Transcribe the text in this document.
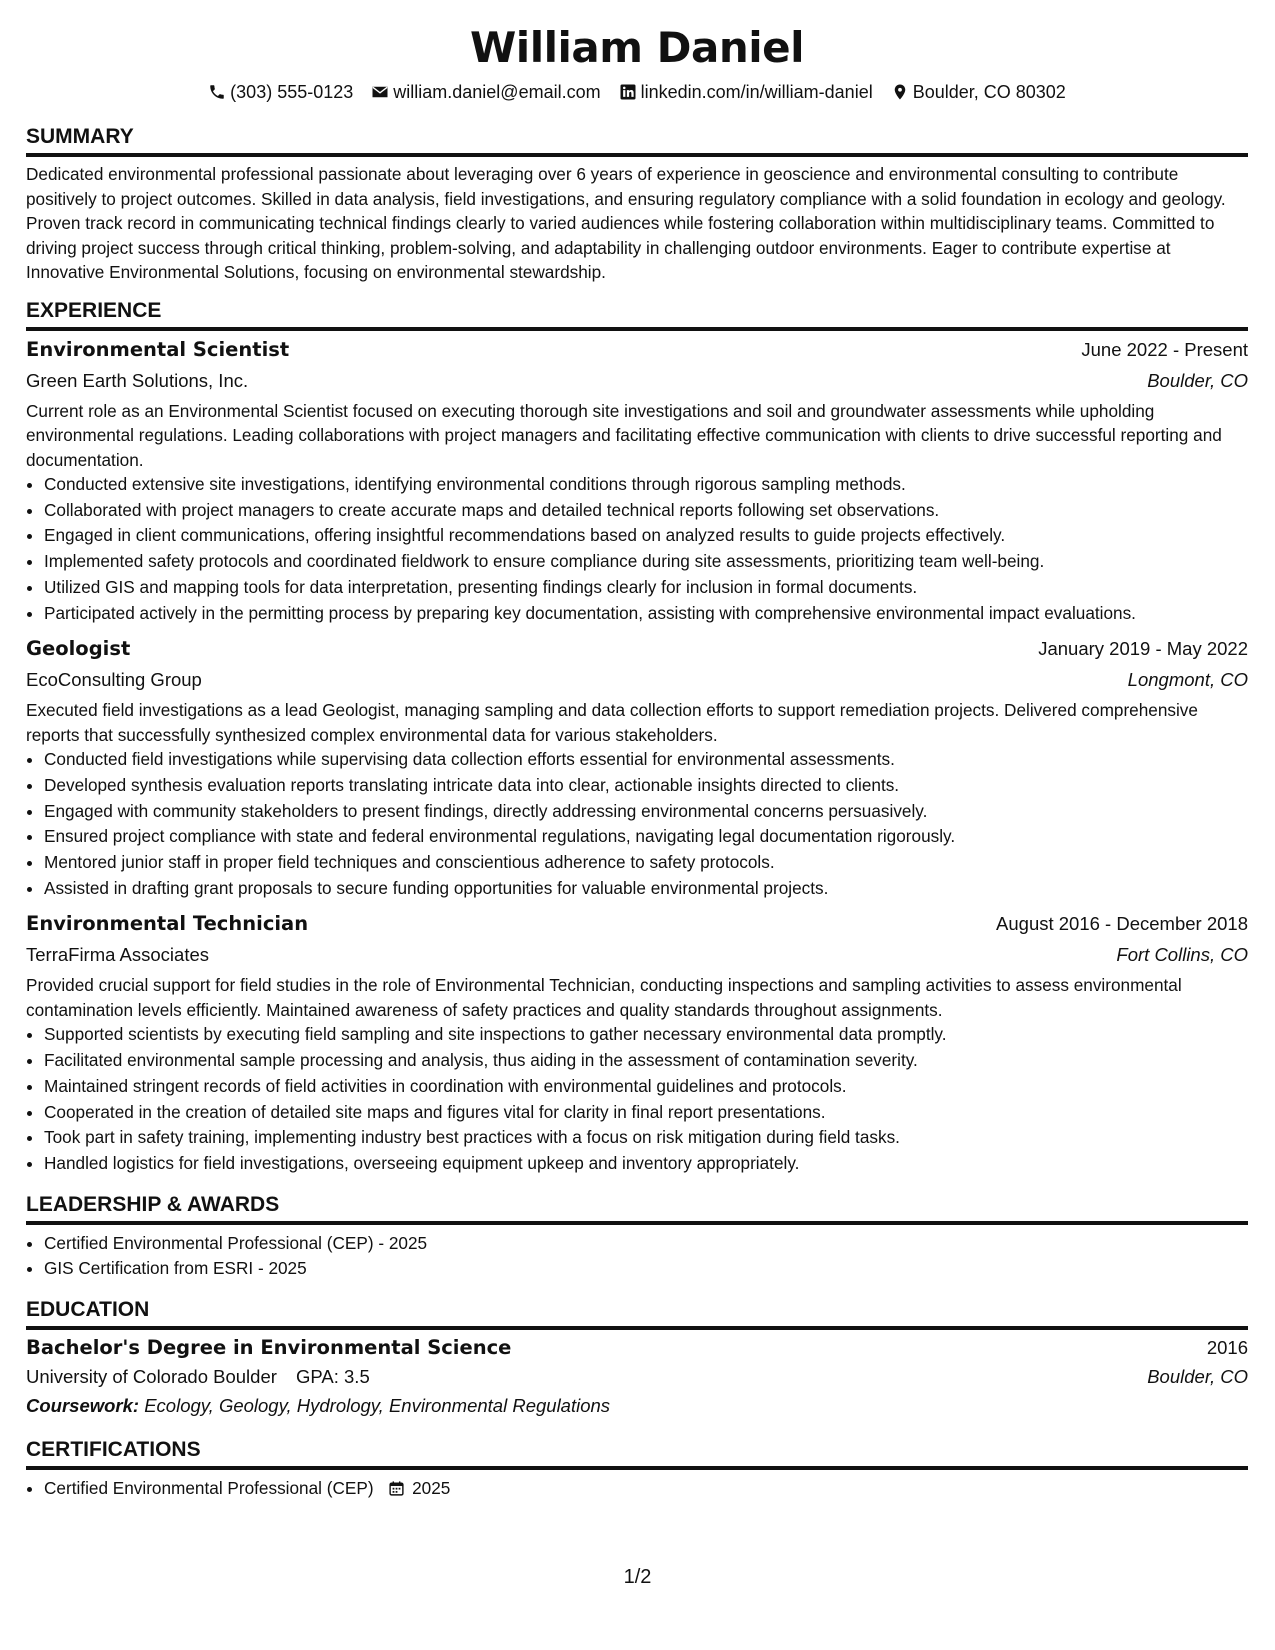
William Daniel
(303) 555-0123 william.daniel@email.com linkedin.com/in/william-daniel Boulder, CO 80302
SUMMARY

Dedicated environmental professional passionate about leveraging over 6 years of experience in geoscience and environmental consulting to contribute positively to project outcomes. Skilled in data analysis, field investigations, and ensuring regulatory compliance with a solid foundation in ecology and geology. Proven track record in communicating technical findings clearly to varied audiences while fostering collaboration within multidisciplinary teams. Committed to driving project success through critical thinking, problem-solving, and adaptability in challenging outdoor environments. Eager to contribute expertise at Innovative Environmental Solutions, focusing on environmental stewardship.

EXPERIENCE
Environmental Scientist	June 2022 - Present
Green Earth Solutions, Inc.	Boulder, CO

Current role as an Environmental Scientist focused on executing thorough site investigations and soil and groundwater assessments while upholding environmental regulations. Leading collaborations with project managers and facilitating effective communication with clients to drive successful reporting and documentation.

• Conducted extensive site investigations, identifying environmental conditions through rigorous sampling methods.
• Collaborated with project managers to create accurate maps and detailed technical reports following set observations.
• Engaged in client communications, offering insightful recommendations based on analyzed results to guide projects effectively.
• Implemented safety protocols and coordinated fieldwork to ensure compliance during site assessments, prioritizing team well-being.
• Utilized GIS and mapping tools for data interpretation, presenting findings clearly for inclusion in formal documents.
• Participated actively in the permitting process by preparing key documentation, assisting with comprehensive environmental impact evaluations.
Geologist	January 2019 - May 2022
EcoConsulting Group	Longmont, CO

Executed field investigations as a lead Geologist, managing sampling and data collection efforts to support remediation projects. Delivered comprehensive reports that successfully synthesized complex environmental data for various stakeholders.

• Conducted field investigations while supervising data collection efforts essential for environmental assessments.
• Developed synthesis evaluation reports translating intricate data into clear, actionable insights directed to clients.
• Engaged with community stakeholders to present findings, directly addressing environmental concerns persuasively.
• Ensured project compliance with state and federal environmental regulations, navigating legal documentation rigorously.
• Mentored junior staff in proper field techniques and conscientious adherence to safety protocols.
• Assisted in drafting grant proposals to secure funding opportunities for valuable environmental projects.
Environmental Technician	August 2016 - December 2018
TerraFirma Associates	Fort Collins, CO

Provided crucial support for field studies in the role of Environmental Technician, conducting inspections and sampling activities to assess environmental contamination levels efficiently. Maintained awareness of safety practices and quality standards throughout assignments.

• Supported scientists by executing field sampling and site inspections to gather necessary environmental data promptly.
• Facilitated environmental sample processing and analysis, thus aiding in the assessment of contamination severity.
• Maintained stringent records of field activities in coordination with environmental guidelines and protocols.
• Cooperated in the creation of detailed site maps and figures vital for clarity in final report presentations.
• Took part in safety training, implementing industry best practices with a focus on risk mitigation during field tasks.
• Handled logistics for field investigations, overseeing equipment upkeep and inventory appropriately.
LEADERSHIP & AWARDS
• Certified Environmental Professional (CEP) - 2025
• GIS Certification from ESRI - 2025
EDUCATION
Bachelor's Degree in Environmental Science	2016
University of Colorado Boulder GPA: 3.5	Boulder, CO
Coursework: Ecology, Geology, Hydrology, Environmental Regulations
CERTIFICATIONS
• Certified Environmental Professional (CEP) 2025
1/2
